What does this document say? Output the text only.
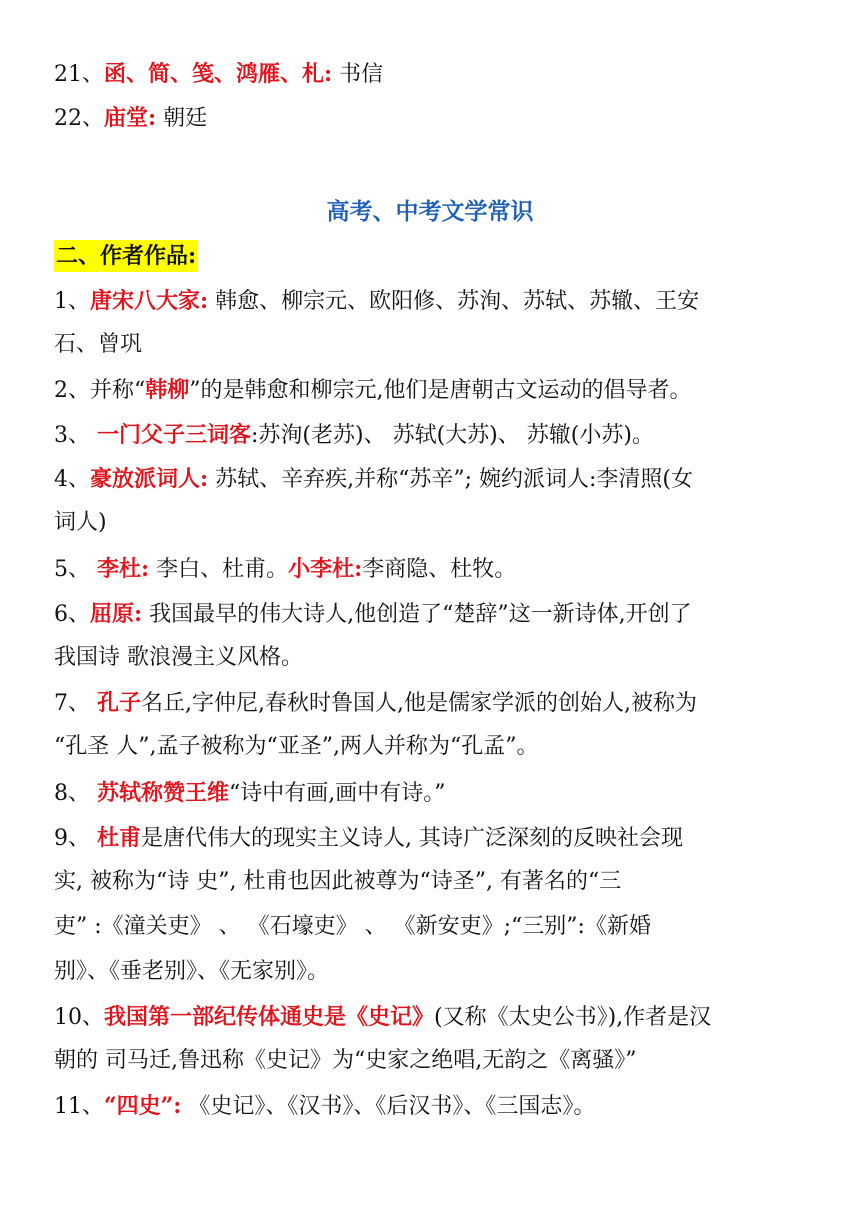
21、函、简、笺、鸿雁、札: 书信
22、庙堂: 朝廷
高考、中考文学常识
二、作者作品:
1、唐宋八大家: 韩愈、柳宗元、欧阳修、苏洵、苏轼、苏辙、王安
石、曾巩
2、并称“韩柳”的是韩愈和柳宗元,他们是唐朝古文运动的倡导者。
3、 一门父子三词客:苏洵(老苏)、 苏轼(大苏)、 苏辙(小苏)。
4、豪放派词人: 苏轼、辛弃疾,并称“苏辛”; 婉约派词人:李清照(女
词人)
5、 李杜: 李白、杜甫。小李杜:李商隐、杜牧。
6、屈原: 我国最早的伟大诗人,他创造了“楚辞”这一新诗体,开创了
我国诗 歌浪漫主义风格。
7、 孔子名丘,字仲尼,春秋时鲁国人,他是儒家学派的创始人,被称为
“孔圣 人”,孟子被称为“亚圣”,两人并称为“孔孟”。
8、 苏轼称赞王维“诗中有画,画中有诗。”
9、 杜甫是唐代伟大的现实主义诗人, 其诗广泛深刻的反映社会现
实, 被称为“诗 史”, 杜甫也因此被尊为“诗圣”, 有著名的“三
吏” :《潼关吏》 、 《石壕吏》 、 《新安吏》;“三别”:《新婚
别》、《垂老别》、《无家别》。
10、我国第一部纪传体通史是《史记》(又称《太史公书》),作者是汉
朝的 司马迁,鲁迅称《史记》为“史家之绝唱,无韵之《离骚》”
11、“四史”: 《史记》、《汉书》、《后汉书》、《三国志》。
